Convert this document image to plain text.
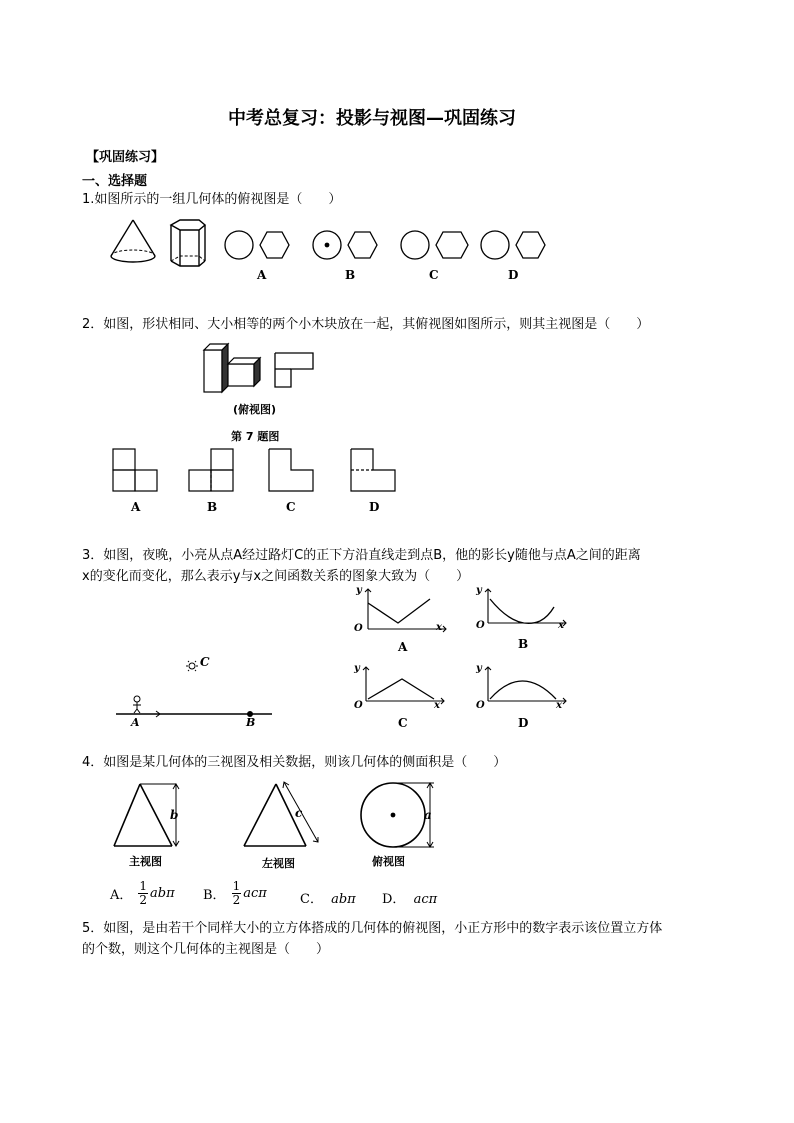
中考总复习：投影与视图—巩固练习
【巩固练习】
一、选择题
1.如图所示的一组几何体的俯视图是（　　）
A	B	C	D
2．如图，形状相同、大小相等的两个小木块放在一起，其俯视图如图所示，则其主视图是（　　）
(俯视图)
第 7 题图
A	B	C	D
3．如图，夜晚，小亮从点A经过路灯C的正下方沿直线走到点B，他的影长y随他与点A之间的距离
x的变化而变化，那么表示y与x之间函数关系的图象大致为（　　）
y
O	x
A
y
O	x
B
C
A	B
y
O	x
C
y
O	x
D
4．如图是某几何体的三视图及相关数据，则该几何体的侧面积是（　　）
b
主视图
c
左视图
a
俯视图
A． $\frac{1}{2}$ abπ B． $\frac{1}{2}$ acπ	C． abπ D． acπ
5．如图，是由若干个同样大小的立方体搭成的几何体的俯视图，小正方形中的数字表示该位置立方体
的个数，则这个几何体的主视图是（　　）
